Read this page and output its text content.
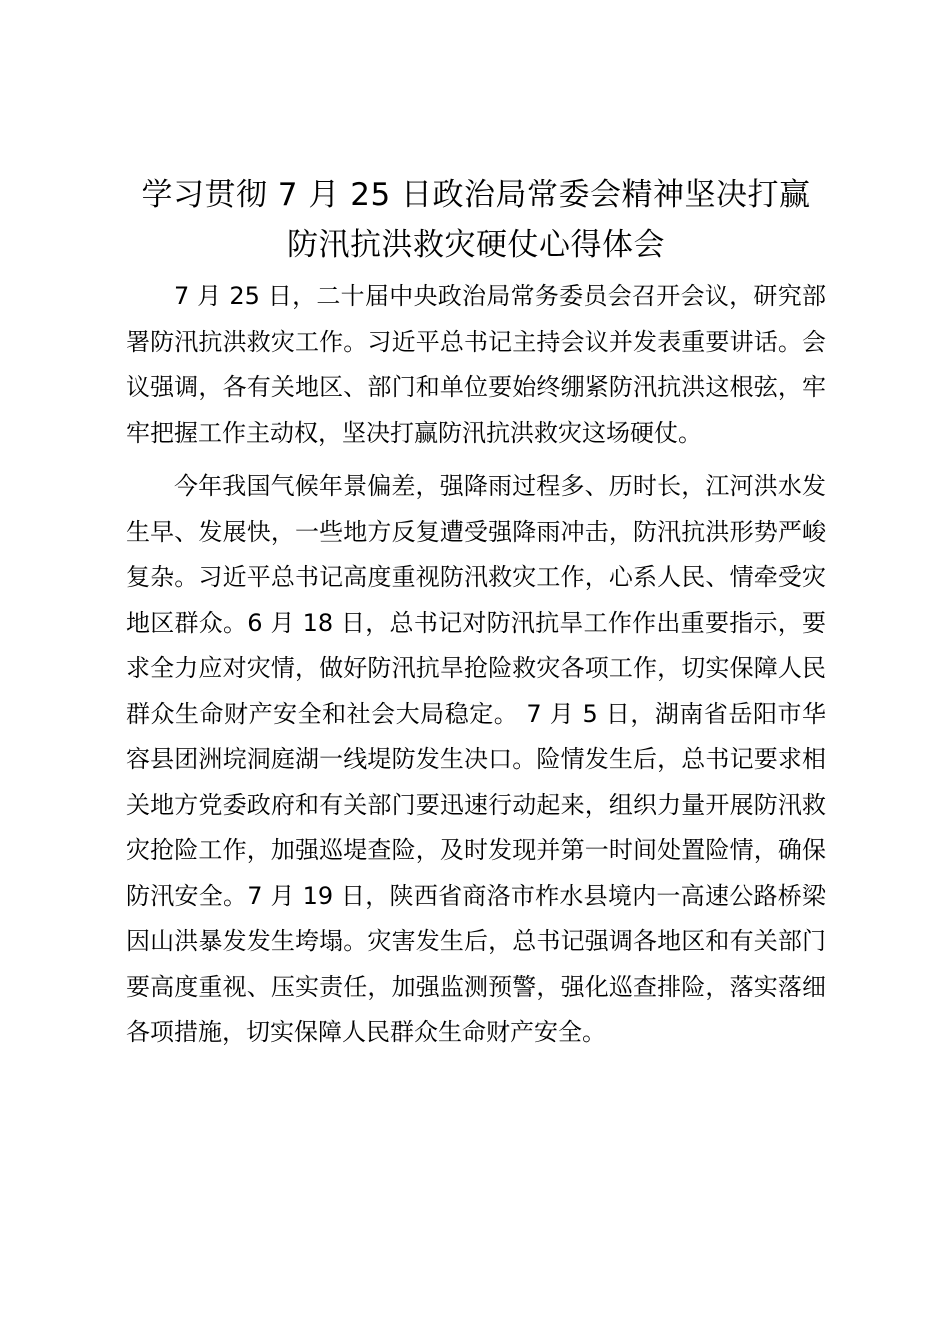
学习贯彻 7 月 25 日政治局常委会精神坚决打赢防汛抗洪救灾硬仗心得体会

7 月 25 日，二十届中央政治局常务委员会召开会议，研究部署防汛抗洪救灾工作。习近平总书记主持会议并发表重要讲话。会议强调，各有关地区、部门和单位要始终绷紧防汛抗洪这根弦，牢牢把握工作主动权，坚决打赢防汛抗洪救灾这场硬仗。

今年我国气候年景偏差，强降雨过程多、历时长，江河洪水发生早、发展快，一些地方反复遭受强降雨冲击，防汛抗洪形势严峻复杂。习近平总书记高度重视防汛救灾工作，心系人民、情牵受灾地区群众。6 月 18 日，总书记对防汛抗旱工作作出重要指示，要求全力应对灾情，做好防汛抗旱抢险救灾各项工作，切实保障人民群众生命财产安全和社会大局稳定。 7 月 5 日，湖南省岳阳市华容县团洲垸洞庭湖一线堤防发生决口。险情发生后，总书记要求相关地方党委政府和有关部门要迅速行动起来，组织力量开展防汛救灾抢险工作，加强巡堤查险，及时发现并第一时间处置险情，确保防汛安全。7 月 19 日，陕西省商洛市柞水县境内一高速公路桥梁因山洪暴发发生垮塌。灾害发生后，总书记强调各地区和有关部门要高度重视、压实责任，加强监测预警，强化巡查排险，落实落细各项措施，切实保障人民群众生命财产安全。
